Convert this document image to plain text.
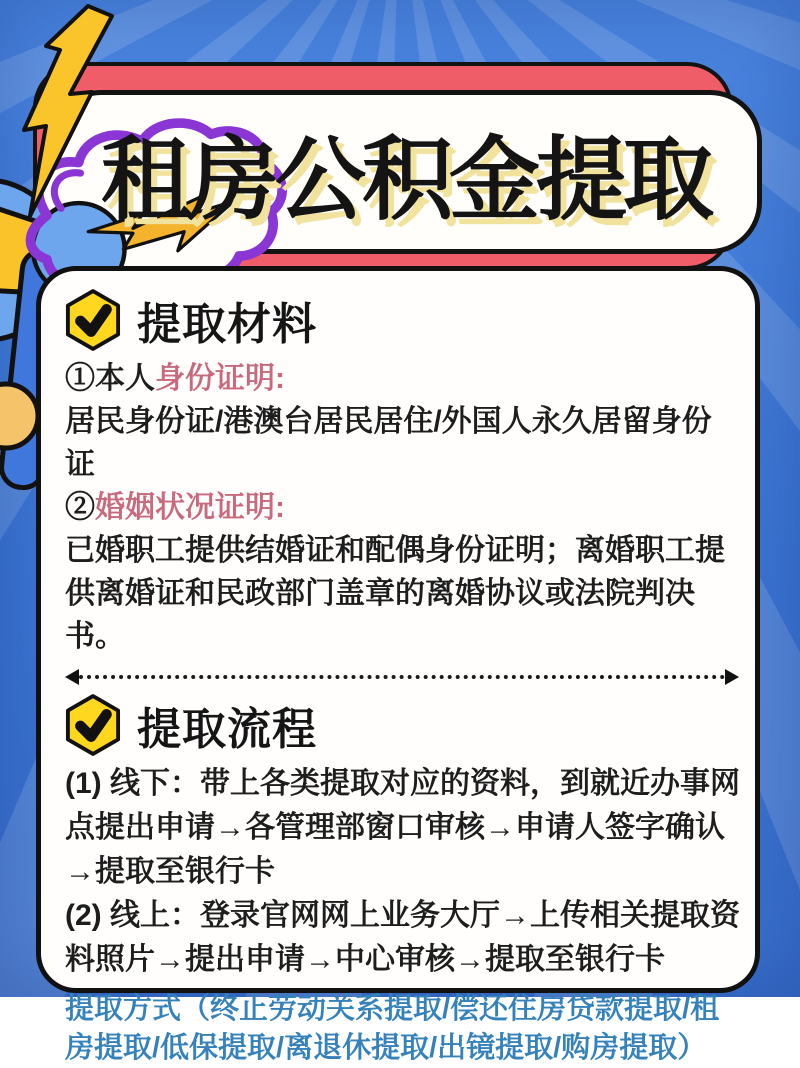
租房公积金提取
提取材料
①本人身份证明:
居民身份证/港澳台居民居住/外国人永久居留身份证
②婚姻状况证明:
已婚职工提供结婚证和配偶身份证明；离婚职工提供离婚证和民政部门盖章的离婚协议或法院判决书。
提取流程
(1) 线下：带上各类提取对应的资料，到就近办事网点提出申请→各管理部窗口审核→申请人签字确认→提取至银行卡
(2) 线上：登录官网网上业务大厅→上传相关提取资料照片→提出申请→中心审核→提取至银行卡
提取方式（终止劳动关系提取/偿还住房贷款提取/租房提取/低保提取/离退休提取/出镜提取/购房提取）
